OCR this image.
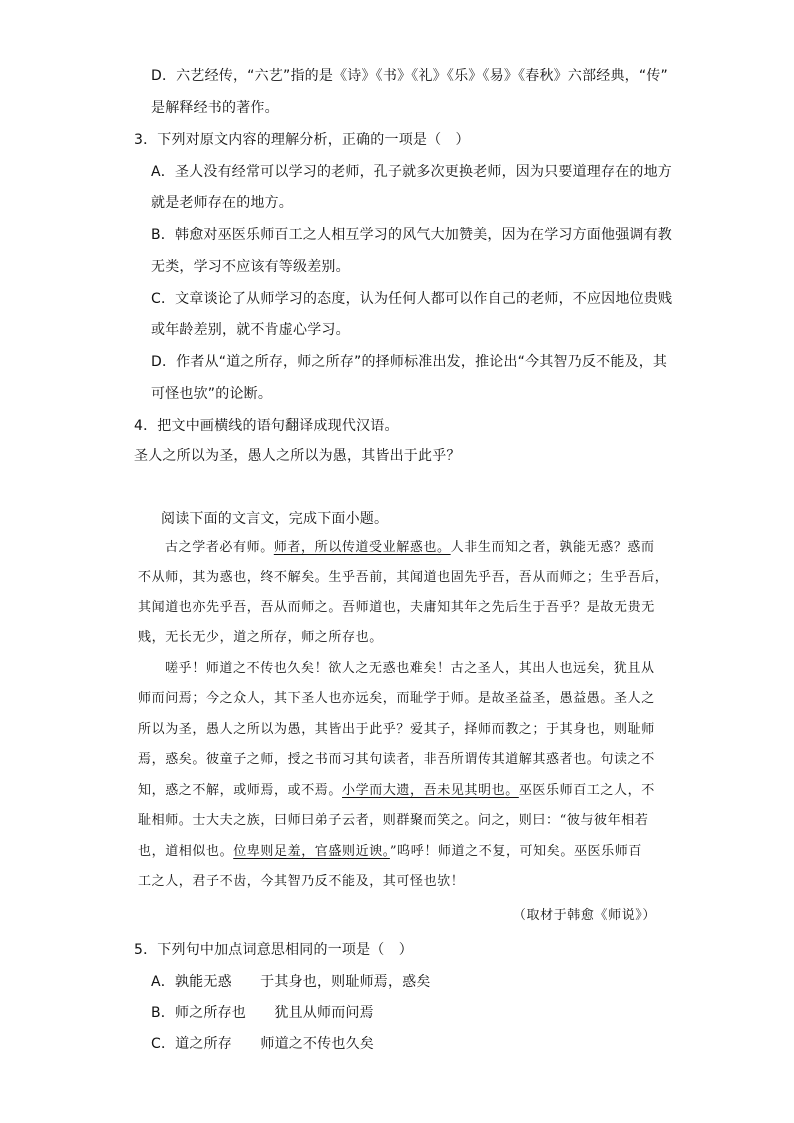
D．六艺经传，“六艺”指的是《诗》《书》《礼》《乐》《易》《春秋》六部经典，“传”
是解释经书的著作。
3．下列对原文内容的理解分析，正确的一项是（　）
A．圣人没有经常可以学习的老师，孔子就多次更换老师，因为只要道理存在的地方
就是老师存在的地方。
B．韩愈对巫医乐师百工之人相互学习的风气大加赞美，因为在学习方面他强调有教
无类，学习不应该有等级差别。
C．文章谈论了从师学习的态度，认为任何人都可以作自己的老师，不应因地位贵贱
或年龄差别，就不肯虚心学习。
D．作者从“道之所存，师之所存”的择师标准出发，推论出“今其智乃反不能及，其
可怪也欤”的论断。
4．把文中画横线的语句翻译成现代汉语。
圣人之所以为圣，愚人之所以为愚，其皆出于此乎？
阅读下面的文言文，完成下面小题。
古之学者必有师。师者，所以传道受业解惑也。人非生而知之者，孰能无惑？惑而
不从师，其为惑也，终不解矣。生乎吾前，其闻道也固先乎吾，吾从而师之；生乎吾后，
其闻道也亦先乎吾，吾从而师之。吾师道也，夫庸知其年之先后生于吾乎？是故无贵无
贱，无长无少，道之所存，师之所存也。
嗟乎！师道之不传也久矣！欲人之无惑也难矣！古之圣人，其出人也远矣，犹且从
师而问焉；今之众人，其下圣人也亦远矣，而耻学于师。是故圣益圣，愚益愚。圣人之
所以为圣，愚人之所以为愚，其皆出于此乎？爱其子，择师而教之；于其身也，则耻师
焉，惑矣。彼童子之师，授之书而习其句读者，非吾所谓传其道解其惑者也。句读之不
知，惑之不解，或师焉，或不焉。小学而大遗，吾未见其明也。巫医乐师百工之人，不
耻相师。士大夫之族，曰师曰弟子云者，则群聚而笑之。问之，则曰：“彼与彼年相若
也，道相似也。位卑则足羞，官盛则近谀。”呜呼！师道之不复，可知矣。巫医乐师百
工之人，君子不齿，今其智乃反不能及，其可怪也欤！
（取材于韩愈《师说》）
5．下列句中加点词意思相同的一项是（　）
A．孰能无惑　　于其身也，则耻师焉，惑矣
B．师之所存也　　犹且从师而问焉
C．道之所存　　师道之不传也久矣
